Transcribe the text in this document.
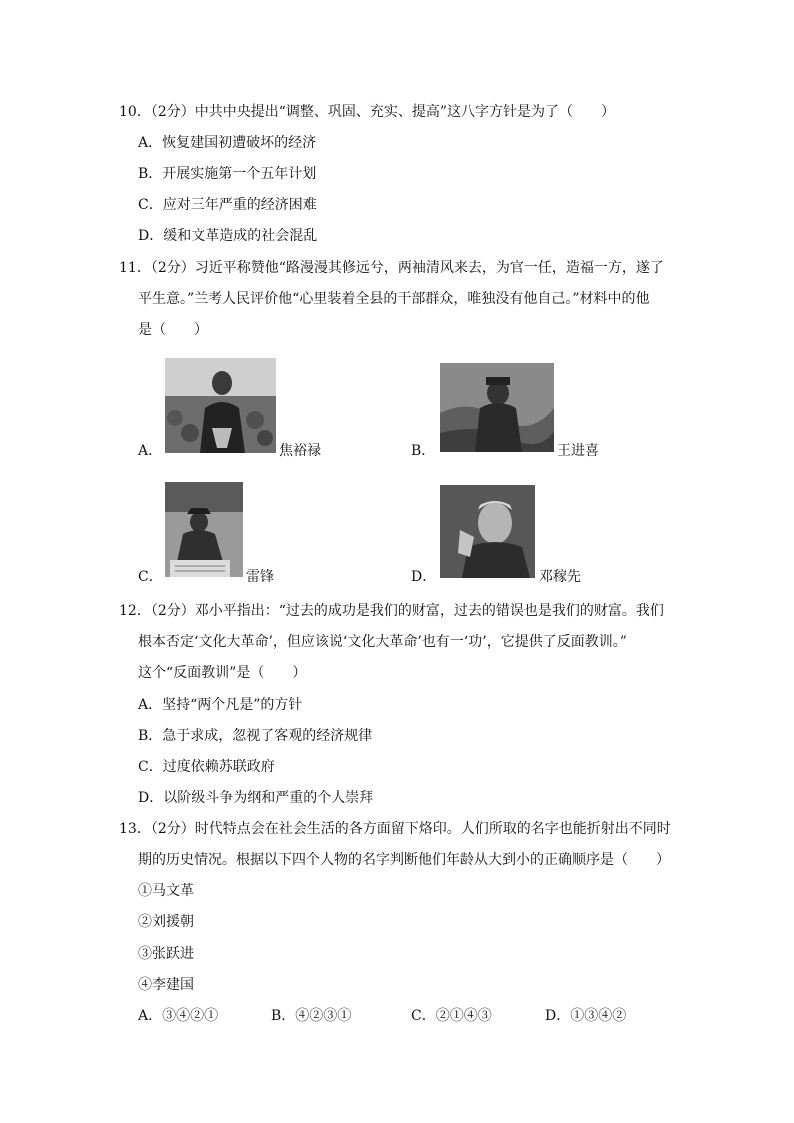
10．（2分）中共中央提出“调整、巩固、充实、提高”这八字方针是为了（　　）
A．恢复建国初遭破坏的经济
B．开展实施第一个五年计划
C．应对三年严重的经济困难
D．缓和文革造成的社会混乱
11．（2分）习近平称赞他“路漫漫其修远兮，两袖清风来去，为官一任，造福一方，遂了
平生意。”兰考人民评价他“心里装着全县的干部群众，唯独没有他自己。”材料中的他
是（　　）
A．	焦裕禄	B．	王进喜
C．	雷锋	D．	邓稼先
12．（2分）邓小平指出：“过去的成功是我们的财富，过去的错误也是我们的财富。我们
根本否定‘文化大革命’，但应该说‘文化大革命’也有一‘功’，它提供了反面教训。”
这个“反面教训”是（　　）
A．坚持“两个凡是”的方针
B．急于求成，忽视了客观的经济规律
C．过度依赖苏联政府
D．以阶级斗争为纲和严重的个人崇拜
13．（2分）时代特点会在社会生活的各方面留下烙印。人们所取的名字也能折射出不同时
期的历史情况。根据以下四个人物的名字判断他们年龄从大到小的正确顺序是（　　）
①马文革
②刘援朝
③张跃进
④李建国
A．③④②①	B．④②③①	C．②①④③	D．①③④②
